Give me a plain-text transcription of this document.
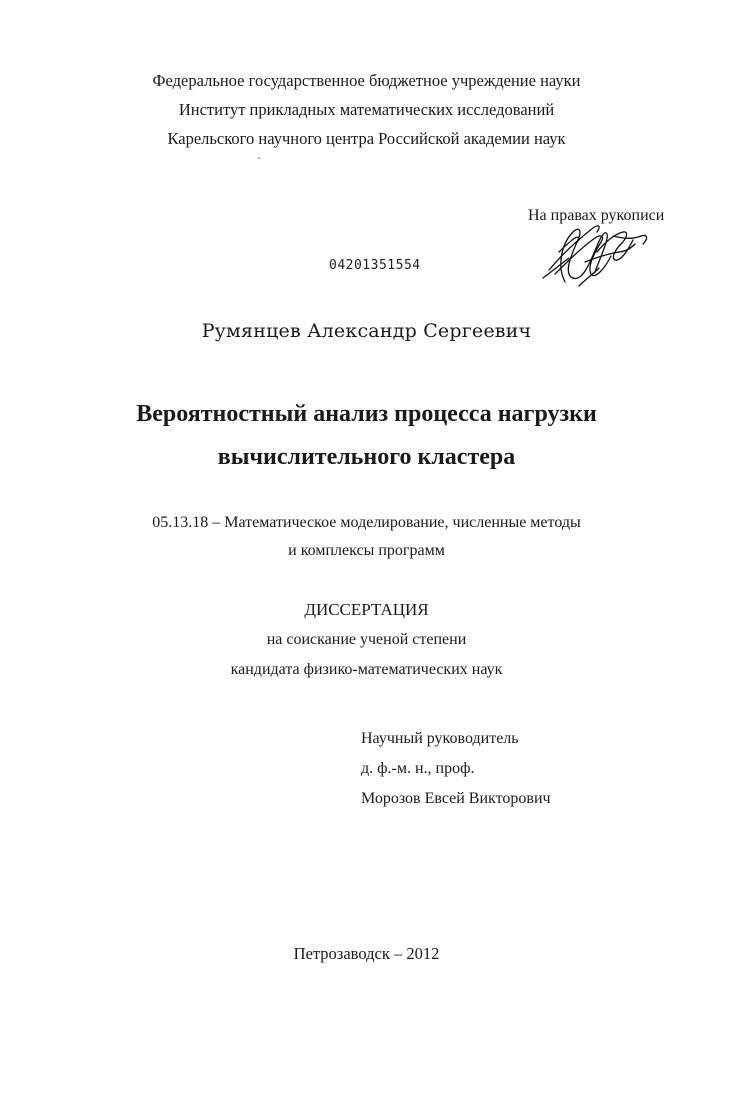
Федеральное государственное бюджетное учреждение науки
Институт прикладных математических исследований
Карельского научного центра Российской академии наук
На правах рукописи
04201351554
Румянцев Александр Сергеевич
Вероятностный анализ процесса нагрузки
вычислительного кластера
05.13.18 – Математическое моделирование, численные методы
и комплексы программ
ДИССЕРТАЦИЯ
на соискание ученой степени
кандидата физико-математических наук
Научный руководитель
д. ф.-м. н., проф.
Морозов Евсей Викторович
Петрозаводск – 2012
